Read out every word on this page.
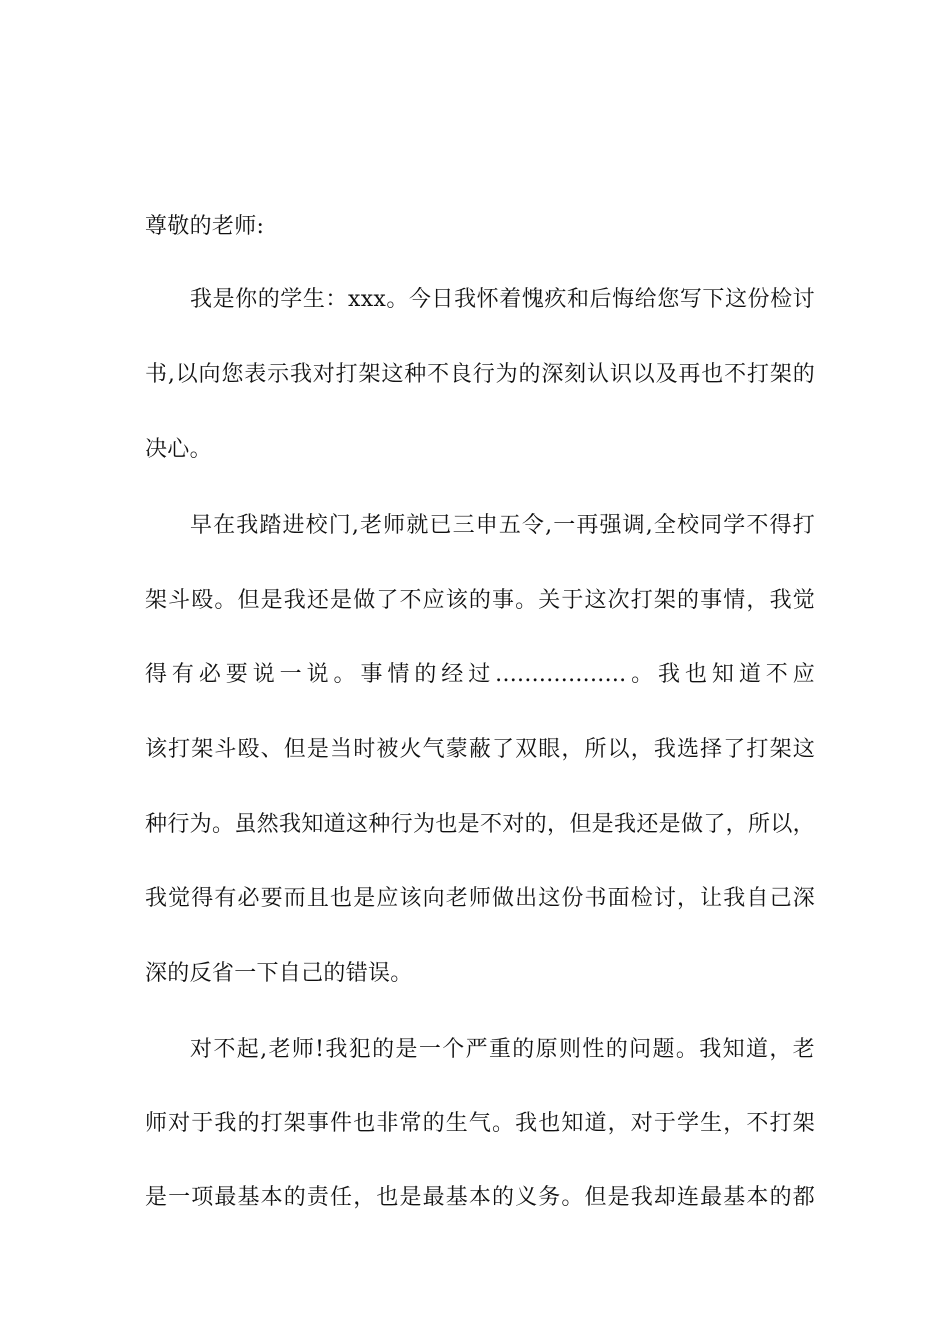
尊敬的老师:
我是你的学生：xxx。今日我怀着愧疚和后悔给您写下这份检讨
书,以向您表示我对打架这种不良行为的深刻认识以及再也不打架的
决心。
早在我踏进校门,老师就已三申五令,一再强调,全校同学不得打
架斗殴。但是我还是做了不应该的事。关于这次打架的事情，我觉
得有必要说一说。事情的经过..................。我也知道不应
该打架斗殴、但是当时被火气蒙蔽了双眼，所以，我选择了打架这
种行为。虽然我知道这种行为也是不对的，但是我还是做了，所以，
我觉得有必要而且也是应该向老师做出这份书面检讨，让我自己深
深的反省一下自己的错误。
对不起,老师!我犯的是一个严重的原则性的问题。我知道，老
师对于我的打架事件也非常的生气。我也知道，对于学生，不打架
是一项最基本的责任，也是最基本的义务。但是我却连最基本的都
